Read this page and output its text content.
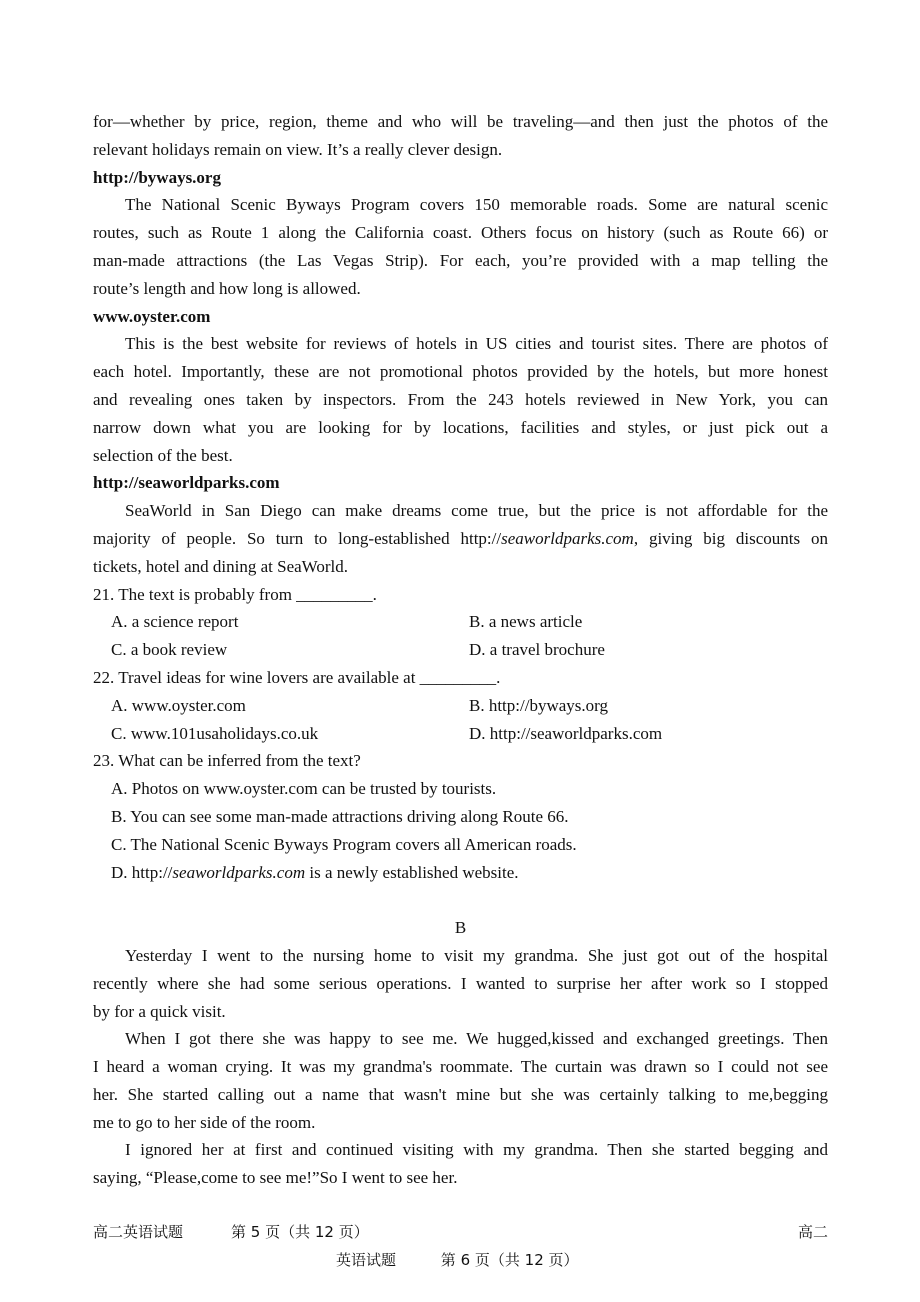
for—whether by price, region, theme and who will be traveling—and then just the photos of the
relevant holidays remain on view. It’s a really clever design.
http://byways.org
The National Scenic Byways Program covers 150 memorable roads. Some are natural scenic
routes, such as Route 1 along the California coast. Others focus on history (such as Route 66) or
man-made attractions (the Las Vegas Strip). For each, you’re provided with a map telling the
route’s length and how long is allowed.
www.oyster.com
This is the best website for reviews of hotels in US cities and tourist sites. There are photos of
each hotel. Importantly, these are not promotional photos provided by the hotels, but more honest
and revealing ones taken by inspectors. From the 243 hotels reviewed in New York, you can
narrow down what you are looking for by locations, facilities and styles, or just pick out a
selection of the best.
http://seaworldparks.com
SeaWorld in San Diego can make dreams come true, but the price is not affordable for the
majority of people. So turn to long-established http://seaworldparks.com, giving big discounts on
tickets, hotel and dining at SeaWorld.
21. The text is probably from _________.
A. a science report	B. a news article
C. a book review	D. a travel brochure
22. Travel ideas for wine lovers are available at _________.
A. www.oyster.com	B. http://byways.org
C. www.101usaholidays.co.uk	D. http://seaworldparks.com
23. What can be inferred from the text?
A. Photos on www.oyster.com can be trusted by tourists.
B. You can see some man-made attractions driving along Route 66.
C. The National Scenic Byways Program covers all American roads.
D. http://seaworldparks.com is a newly established website.
B
Yesterday I went to the nursing home to visit my grandma. She just got out of the hospital
recently where she had some serious operations. I wanted to surprise her after work so I stopped
by for a quick visit.
When I got there she was happy to see me. We hugged,kissed and exchanged greetings. Then
I heard a woman crying. It was my grandma's roommate. The curtain was drawn so I could not see
her. She started calling out a name that wasn't mine but she was certainly talking to me,begging
me to go to her side of the room.
I ignored her at first and continued visiting with my grandma. Then she started begging and
saying, “Please,come to see me!”So I went to see her.
高二英语试题	第 5 页（共 12 页）	高二
英语试题	第 6 页（共 12 页）
